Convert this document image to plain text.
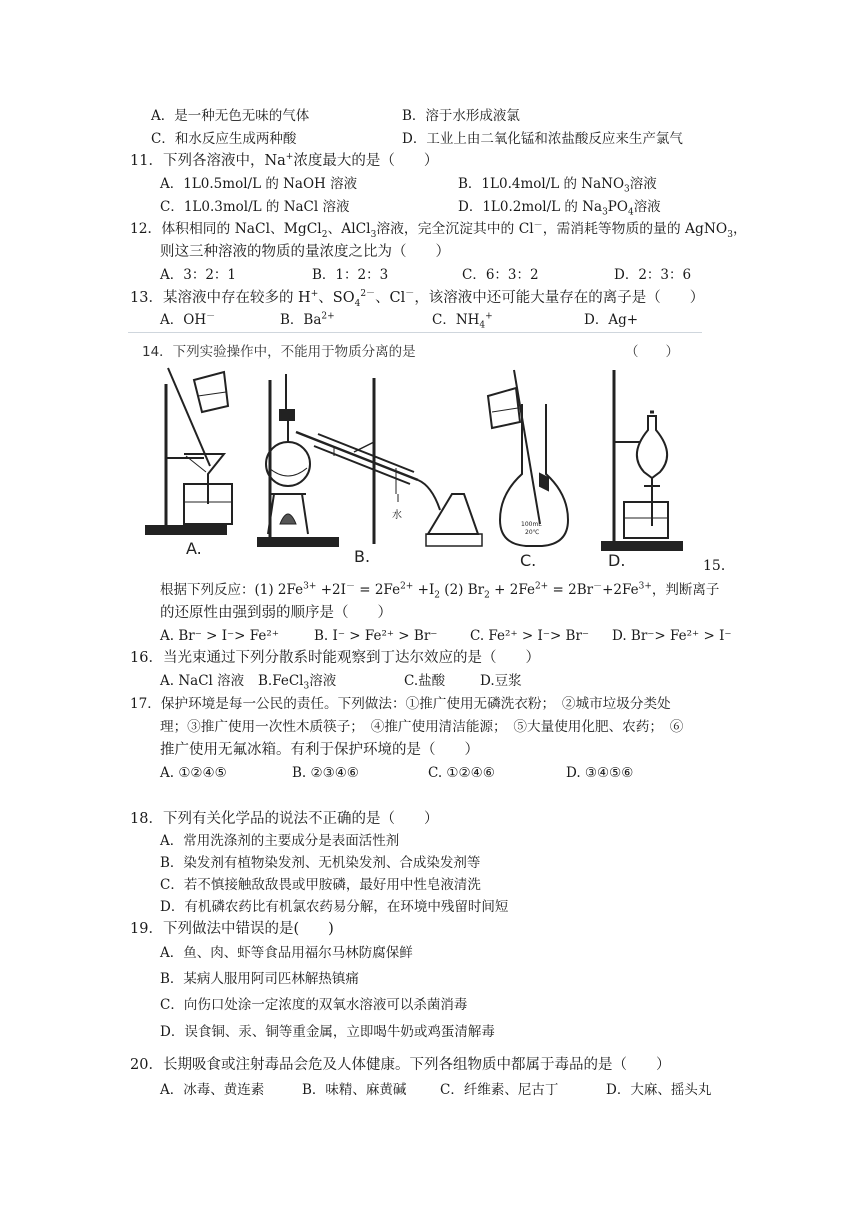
A．是一种无色无味的气体	B．溶于水形成液氯
C．和水反应生成两种酸	D．工业上由二氧化锰和浓盐酸反应来生产氯气
11．下列各溶液中，Na+浓度最大的是（　　）
A．1L0.5mol/L 的 NaOH 溶液	B．1L0.4mol/L 的 NaNO$_3$溶液
C．1L0.3mol/L 的 NaCl 溶液	D．1L0.2mol/L 的 $Na_3PO_4$溶液
12．体积相同的 NaCl、MgCl$_2$、AlCl$_3$溶液，完全沉淀其中的 Cl－，需消耗等物质的量的 AgNO$_3$，
则这三种溶液的物质的量浓度之比为（　　）
A．3：2：1	B．1：2：3	C．6：3：2	D．2：3：6
13．某溶液中存在较多的 H+、$SO_4^{2-}$、Cl－，该溶液中还可能大量存在的离子是（　　）
A．OH－	B．$Ba^{2+}$	C．$NH_4^+$	D．Ag+
14．下列实验操作中，不能用于物质分离的是	（　　）
A.
水
B.
100mL
20℃
C.	D.	15．
根据下列反应：(1) $2Fe^{3+} +2I^- = 2Fe^{2+} +I_2$ (2) $Br_2 + 2Fe^{2+} = 2Br^-+2Fe^{3+}$，判断离子
的还原性由强到弱的顺序是（　　）
A. Br⁻ > I⁻> Fe²⁺	B. I⁻ > Fe²⁺ > Br⁻ C. Fe²⁺ > I⁻> Br⁻ D. Br⁻> Fe²⁺ > I⁻
16．当光束通过下列分散系时能观察到丁达尔效应的是（　　）
A. NaCl 溶液 B.FeCl$_3$溶液	C.盐酸	D.豆浆
17．保护环境是每一公民的责任。下列做法：①推广使用无磷洗衣粉；　②城市垃圾分类处
理；③推广使用一次性木质筷子；　④推广使用清洁能源；　⑤大量使用化肥、农药；　⑥
推广使用无氟冰箱。有利于保护环境的是（　　）
A. ①②④⑤	B. ②③④⑥	C. ①②④⑥	D. ③④⑤⑥
18．下列有关化学品的说法不正确的是（　　）
A．常用洗涤剂的主要成分是表面活性剂
B．染发剂有植物染发剂、无机染发剂、合成染发剂等
C．若不慎接触敌敌畏或甲胺磷，最好用中性皂液清洗
D．有机磷农药比有机氯农药易分解，在环境中残留时间短
19．下列做法中错误的是(　　)
A．鱼、肉、虾等食品用福尔马林防腐保鲜
B．某病人服用阿司匹林解热镇痛
C．向伤口处涂一定浓度的双氧水溶液可以杀菌消毒
D．误食铜、汞、铜等重金属，立即喝牛奶或鸡蛋清解毒
20．长期吸食或注射毒品会危及人体健康。下列各组物质中都属于毒品的是（　　）
A．冰毒、黄连素	B．味精、麻黄碱 C．纤维素、尼古丁	D．大麻、摇头丸
